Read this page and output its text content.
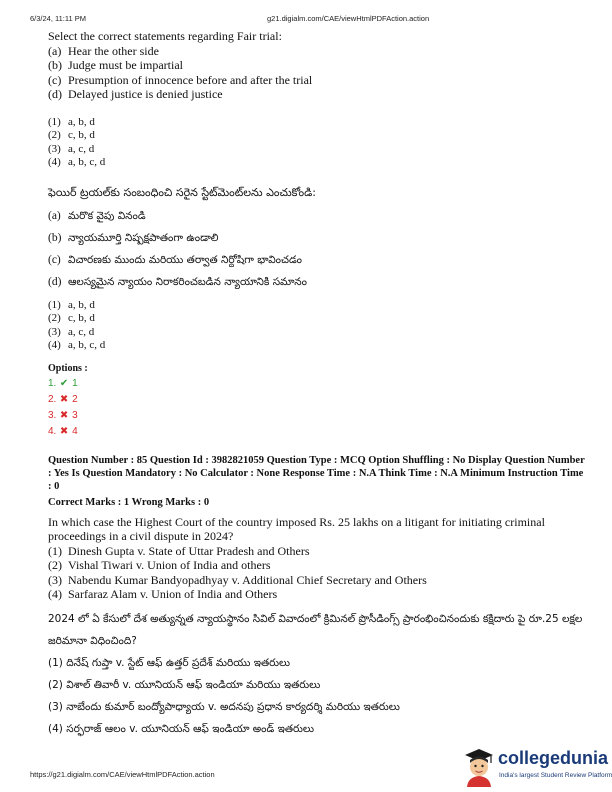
6/3/24, 11:11 PM	g21.digialm.com/CAE/viewHtmlPDFAction.action
Select the correct statements regarding Fair trial:
(a) Hear the other side
(b) Judge must be impartial
(c) Presumption of innocence before and after the trial
(d) Delayed justice is denied justice
(1) a, b, d
(2) c, b, d
(3) a, c, d
(4) a, b, c, d
ఫెయిర్ ట్రయల్‌కు సంబంధించి సరైన స్టేట్‌మెంట్‌లను ఎంచుకోండి:
(a) మరొక వైపు వినండి
(b) న్యాయమూర్తి నిష్పక్షపాతంగా ఉండాలి
(c) విచారణకు ముందు మరియు తర్వాత నిర్దోషిగా భావించడం
(d) ఆలస్యమైన న్యాయం నిరాకరించబడిన న్యాయానికి సమానం
(1) a, b, d
(2) c, b, d
(3) a, c, d
(4) a, b, c, d
Options :
1. ✔ 1
2. ✖ 2
3. ✖ 3
4. ✖ 4
Question Number : 85 Question Id : 3982821059 Question Type : MCQ Option Shuffling : No Display Question Number : Yes Is Question Mandatory : No Calculator : None Response Time : N.A Think Time : N.A Minimum Instruction Time : 0
Correct Marks : 1 Wrong Marks : 0
In which case the Highest Court of the country imposed Rs. 25 lakhs on a litigant for initiating criminal proceedings in a civil dispute in 2024?
(1) Dinesh Gupta v. State of Uttar Pradesh and Others
(2) Vishal Tiwari v. Union of India and others
(3) Nabendu Kumar Bandyopadhyay v. Additional Chief Secretary and Others
(4) Sarfaraz Alam v. Union of India and Others
2024 లో ఏ కేసులో దేశ అత్యున్నత న్యాయస్థానం సివిల్ వివాదంలో క్రిమినల్ ప్రొసీడింగ్స్ ప్రారంభించినందుకు కక్షిదారు పై రూ.25 లక్షల జరిమానా విధించింది?
(1) దినేష్ గుప్తా v. స్టేట్ ఆఫ్ ఉత్తర్ ప్రదేశ్ మరియు ఇతరులు
(2) విశాల్ తివారీ v. యూనియన్ ఆఫ్ ఇండియా మరియు ఇతరులు
(3) నాబేందు కుమార్ బంద్యోపాధ్యాయ v. అదనపు ప్రధాన కార్యదర్శి మరియు ఇతరులు
(4) సర్ఫరాజ్ ఆలం v. యూనియన్ ఆఫ్ ఇండియా అండ్ ఇతరులు
https://g21.digialm.com/CAE/viewHtmlPDFAction.action
collegedunia
India's largest Student Review Platform
